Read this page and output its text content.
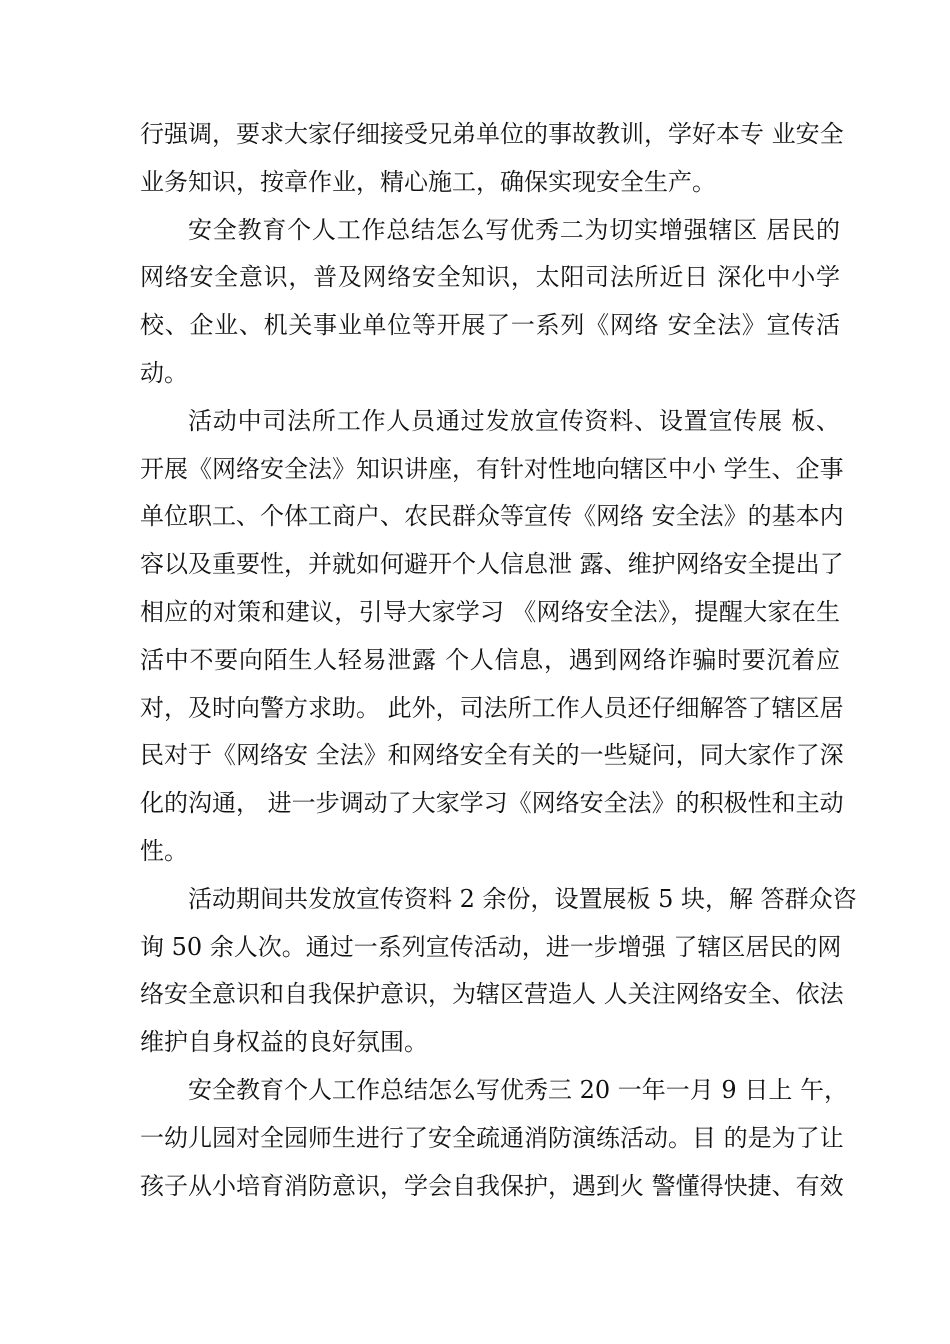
行强调，要求大家仔细接受兄弟单位的事故教训，学好本专 业安全
业务知识，按章作业，精心施工，确保实现安全生产。
安全教育个人工作总结怎么写优秀二为切实增强辖区 居民的
网络安全意识，普及网络安全知识，太阳司法所近日 深化中小学
校、企业、机关事业单位等开展了一系列《网络 安全法》宣传活
动。
活动中司法所工作人员通过发放宣传资料、设置宣传展 板、
开展《网络安全法》知识讲座，有针对性地向辖区中小 学生、企事
单位职工、个体工商户、农民群众等宣传《网络 安全法》的基本内
容以及重要性，并就如何避开个人信息泄 露、维护网络安全提出了
相应的对策和建议，引导大家学习 《网络安全法》，提醒大家在生
活中不要向陌生人轻易泄露 个人信息，遇到网络诈骗时要沉着应
对，及时向警方求助。 此外，司法所工作人员还仔细解答了辖区居
民对于《网络安 全法》和网络安全有关的一些疑问，同大家作了深
化的沟通， 进一步调动了大家学习《网络安全法》的积极性和主动
性。
活动期间共发放宣传资料 2 余份，设置展板 5 块，解 答群众咨
询 50 余人次。通过一系列宣传活动，进一步增强 了辖区居民的网
络安全意识和自我保护意识，为辖区营造人 人关注网络安全、依法
维护自身权益的良好氛围。
安全教育个人工作总结怎么写优秀三 20 一年一月 9 日上 午，
一幼儿园对全园师生进行了安全疏通消防演练活动。目 的是为了让
孩子从小培育消防意识，学会自我保护，遇到火 警懂得快捷、有效
